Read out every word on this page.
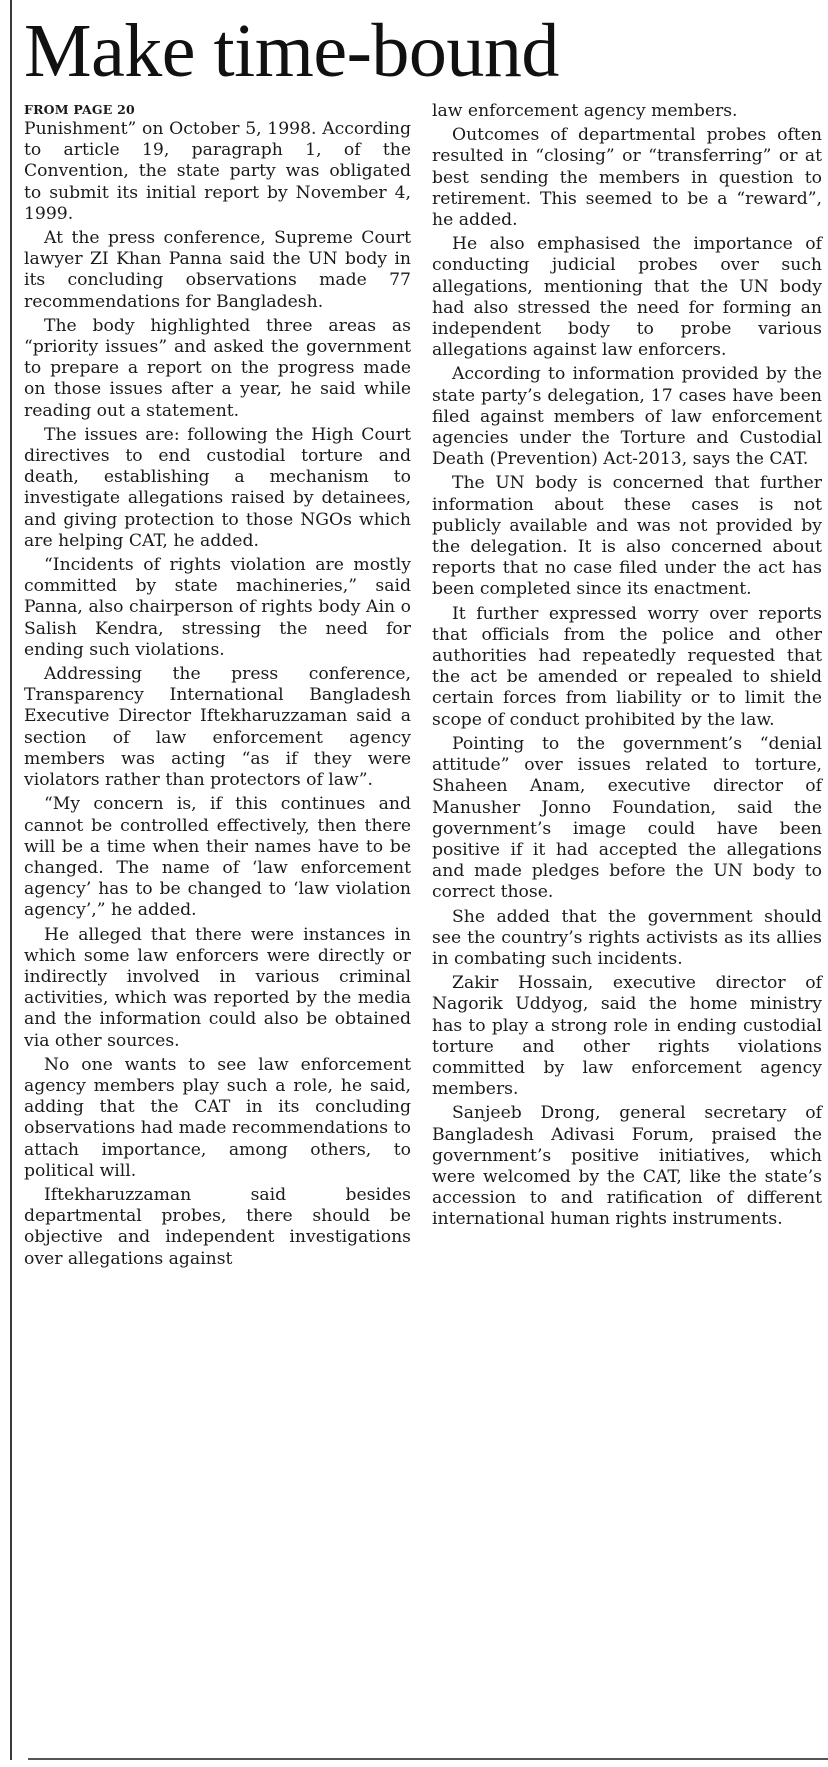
Make time-bound
FROM PAGE 20

Punishment” on October 5, 1998. According to article 19, paragraph 1, of the Convention, the state party was obligated to submit its initial report by November 4, 1999.

At the press conference, Supreme Court lawyer ZI Khan Panna said the UN body in its concluding observations made 77 recommendations for Bangladesh.

The body highlighted three areas as “priority issues” and asked the government to prepare a report on the progress made on those issues after a year, he said while reading out a statement.

The issues are: following the High Court directives to end custodial torture and death, establishing a mechanism to investigate allegations raised by detainees, and giving protection to those NGOs which are helping CAT, he added.

“Incidents of rights violation are mostly committed by state machineries,” said Panna, also chairperson of rights body Ain o Salish Kendra, stressing the need for ending such violations.

Addressing the press conference, Transparency International Bangladesh Executive Director Iftekharuzzaman said a section of law enforcement agency members was acting “as if they were violators rather than protectors of law”.

“My concern is, if this continues and cannot be controlled effectively, then there will be a time when their names have to be changed. The name of ‘law enforcement agency’ has to be changed to ‘law violation agency’,” he added.

He alleged that there were instances in which some law enforcers were directly or indirectly involved in various criminal activities, which was reported by the media and the information could also be obtained via other sources.

No one wants to see law enforcement agency members play such a role, he said, adding that the CAT in its concluding observations had made recommendations to attach importance, among others, to political will.

Iftekharuzzaman said besides departmental probes, there should be objective and independent investigations over allegations against

law enforcement agency members.

Outcomes of departmental probes often resulted in “closing” or “transferring” or at best sending the members in question to retirement. This seemed to be a “reward”, he added.

He also emphasised the importance of conducting judicial probes over such allegations, mentioning that the UN body had also stressed the need for forming an independent body to probe various allegations against law enforcers.

According to information provided by the state party’s delegation, 17 cases have been filed against members of law enforcement agencies under the Torture and Custodial Death (Prevention) Act-2013, says the CAT.

The UN body is concerned that further information about these cases is not publicly available and was not provided by the delegation. It is also concerned about reports that no case filed under the act has been completed since its enactment.

It further expressed worry over reports that officials from the police and other authorities had repeatedly requested that the act be amended or repealed to shield certain forces from liability or to limit the scope of conduct prohibited by the law.

Pointing to the government’s “denial attitude” over issues related to torture, Shaheen Anam, executive director of Manusher Jonno Foundation, said the government’s image could have been positive if it had accepted the allegations and made pledges before the UN body to correct those.

She added that the government should see the country’s rights activists as its allies in combating such incidents.

Zakir Hossain, executive director of Nagorik Uddyog, said the home ministry has to play a strong role in ending custodial torture and other rights violations committed by law enforcement agency members.

Sanjeeb Drong, general secretary of Bangladesh Adivasi Forum, praised the government’s positive initiatives, which were welcomed by the CAT, like the state’s accession to and ratification of different international human rights instruments.
